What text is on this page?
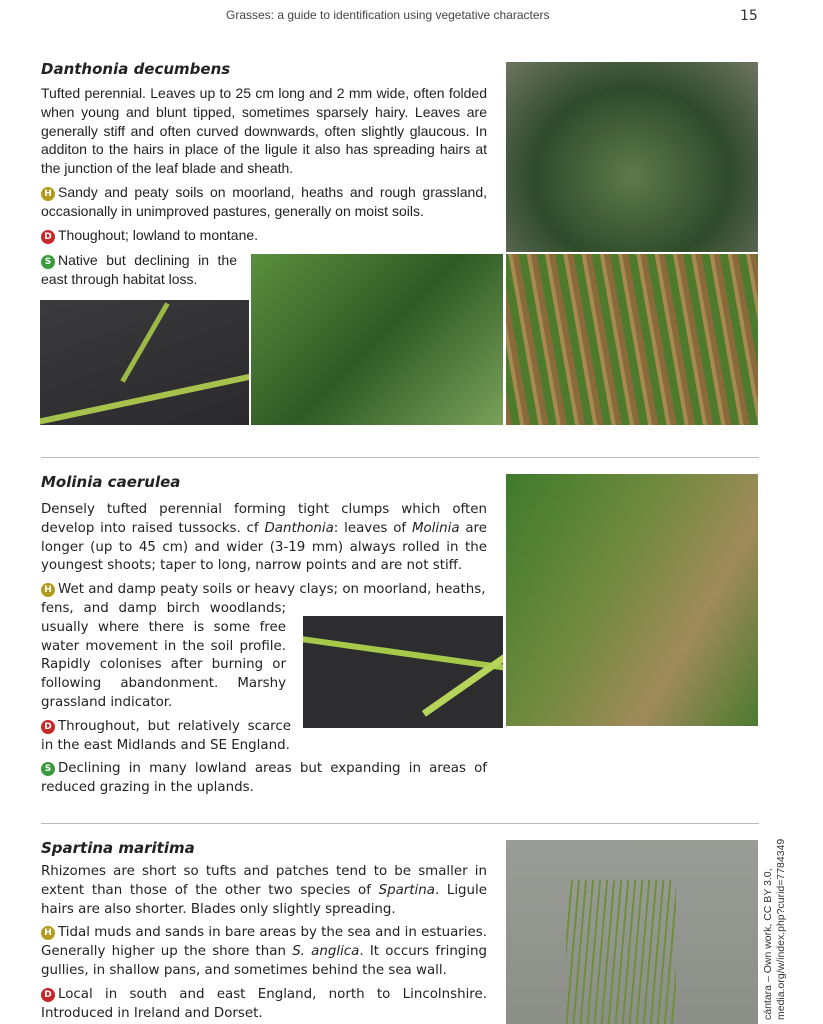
Grasses: a guide to identification using vegetative characters	15
Danthonia decumbens

Tufted perennial. Leaves up to 25 cm long and 2 mm wide, often folded when young and blunt tipped, sometimes sparsely hairy. Leaves are generally stiff and often curved downwards, often slightly glaucous. In additon to the hairs in place of the ligule it also has spreading hairs at the junction of the leaf blade and sheath.

H Sandy and peaty soils on moorland, heaths and rough grassland, occasionally in unimproved pastures, generally on moist soils.

D Thoughout; lowland to montane.

S Native but declining in the east through habitat loss.

Molinia caerulea

Densely tufted perennial forming tight clumps which often develop into raised tussocks. cf Danthonia: leaves of Molinia are longer (up to 45 cm) and wider (3-19 mm) always rolled in the youngest shoots; taper to long, narrow points and are not stiff.

H Wet and damp peaty soils or heavy clays; on moorland, heaths,

fens, and damp birch woodlands; usually where there is some free water movement in the soil profile. Rapidly colonises after burning or following abandonment. Marshy grassland indicator.

D Throughout, but relatively scarce in the east Midlands and SE England.

S Declining in many lowland areas but expanding in areas of reduced grazing in the uplands.

Spartina maritima

Rhizomes are short so tufts and patches tend to be smaller in extent than those of the other two species of Spartina. Ligule hairs are also shorter. Blades only slightly spreading.

H Tidal muds and sands in bare areas by the sea and in estuaries. Generally higher up the shore than S. anglica. It occurs fringing gullies, in shallow pans, and sometimes behind the sea wall.

D Local in south and east England, north to Lincolnshire. Introduced in Ireland and Dorset.	cántara – Own work, CC BY 3.0, media.org/w/index.php?curid=7784349
